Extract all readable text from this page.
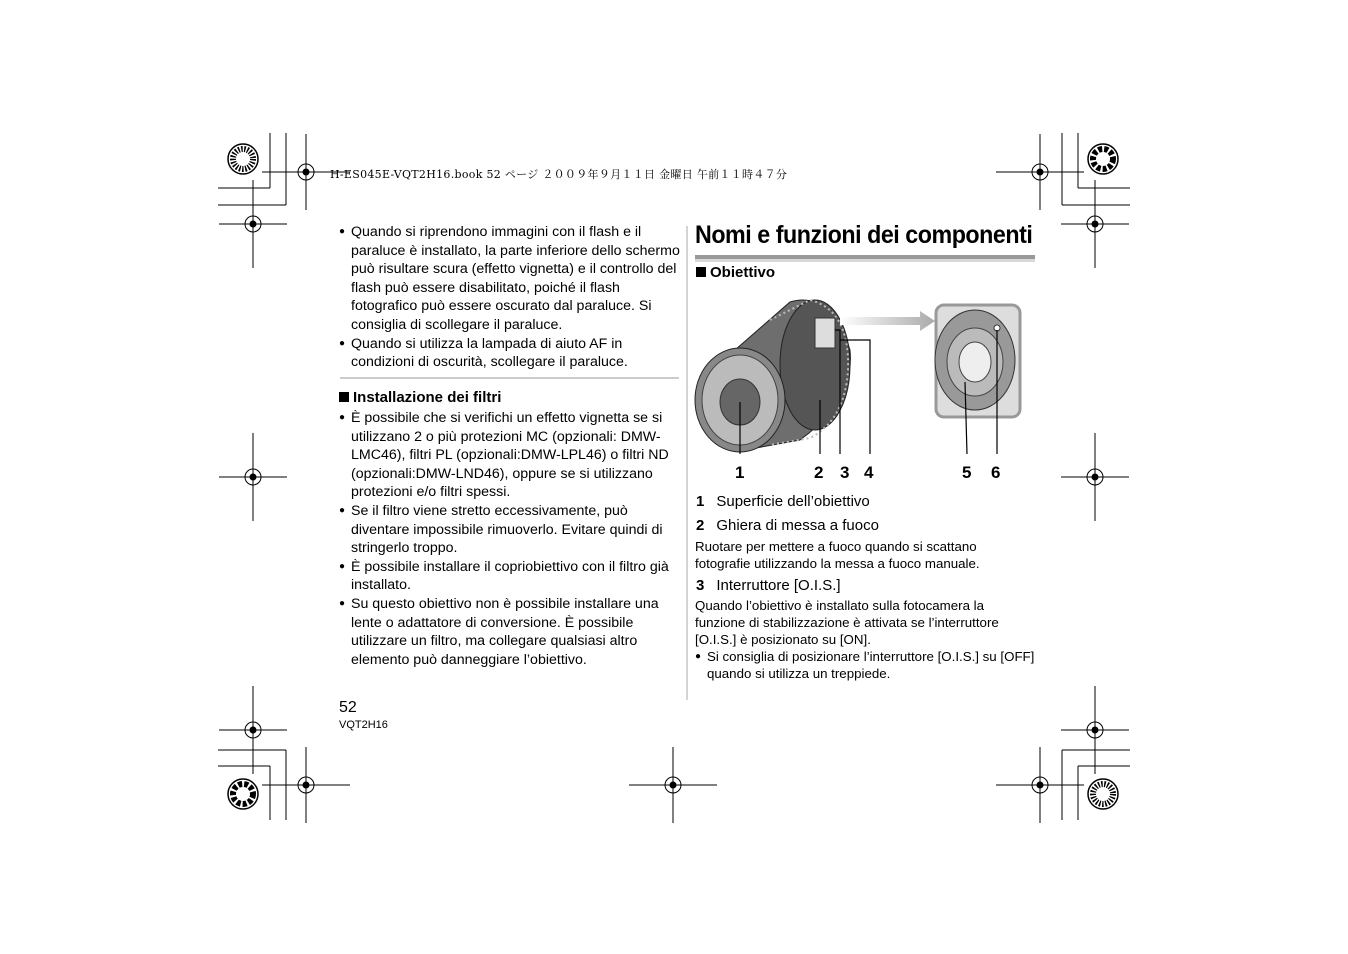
H-ES045E-VQT2H16.book 52 ページ ２００９年９月１１日 金曜日 午前１１時４７分

● Quando si riprendono immagini con il flash e il paraluce è installato, la parte inferiore dello schermo può risultare scura (effetto vignetta) e il controllo del flash può essere disabilitato, poiché il flash fotografico può essere oscurato dal paraluce. Si consiglia di scollegare il paraluce.

● Quando si utilizza la lampada di aiuto AF in condizioni di oscurità, scollegare il paraluce.

Installazione dei filtri

● È possibile che si verifichi un effetto vignetta se si utilizzano 2 o più protezioni MC (opzionali: DMW-LMC46), filtri PL (opzionali:DMW-LPL46) o filtri ND (opzionali:DMW-LND46), oppure se si utilizzano protezioni e/o filtri spessi.

● Se il filtro viene stretto eccessivamente, può diventare impossibile rimuoverlo. Evitare quindi di stringerlo troppo.

● È possibile installare il copriobiettivo con il filtro già installato.

● Su questo obiettivo non è possibile installare una lente o adattatore di conversione. È possibile utilizzare un filtro, ma collegare qualsiasi altro elemento può danneggiare l’obiettivo.

Nomi e funzioni dei componenti
Obiettivo
1	2 3 4	5 6
1 Superficie dell’obiettivo
2 Ghiera di messa a fuoco
Ruotare per mettere a fuoco quando si scattano fotografie utilizzando la messa a fuoco manuale.
3 Interruttore [O.I.S.]
Quando l’obiettivo è installato sulla fotocamera la funzione di stabilizzazione è attivata se l’interruttore [O.I.S.] è posizionato su [ON].
● Si consiglia di posizionare l’interruttore [O.I.S.] su [OFF] quando si utilizza un treppiede.
52
VQT2H16
